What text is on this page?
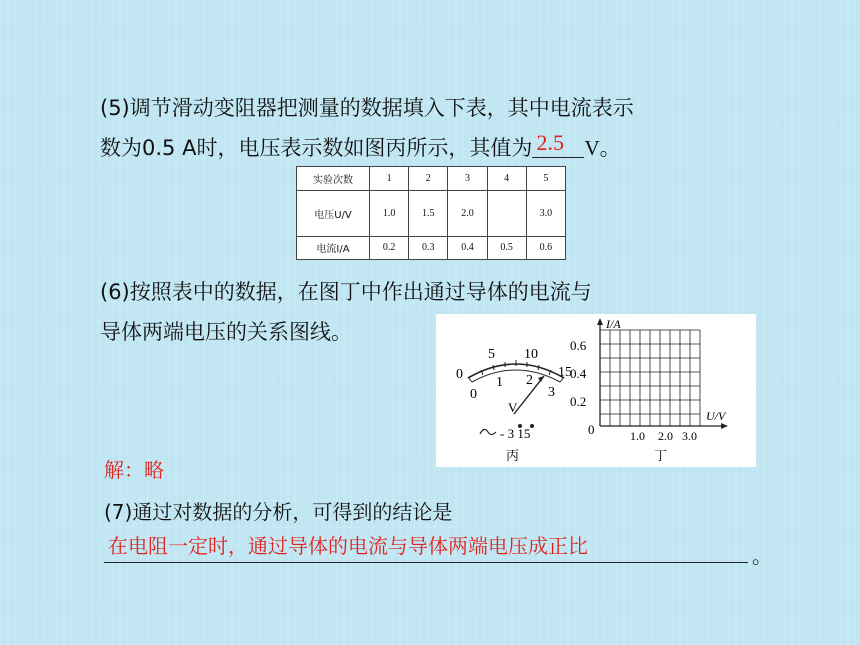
(5)调节滑动变阻器把测量的数据填入下表，其中电流表示
数为0.5 A时，电压表示数如图丙所示，其值为 2.5 V。
实验次数	1	2	3	4	5
电压U/V	1.0	1.5	2.0		3.0
电流I/A	0.2	0.3	0.4	0.5	0.6
(6)按照表中的数据，在图丁中作出通过导体的电流与
导体两端电压的关系图线。
0
5 10
15
0
1 2
3
V
- 3 15
丙
I/A
U/V
0.6
0.4
0.2
0	1.0 2.0 3.0
丁
解：略
(7)通过对数据的分析，可得到的结论是
在电阻一定时，通过导体的电流与导体两端电压成正比	。
